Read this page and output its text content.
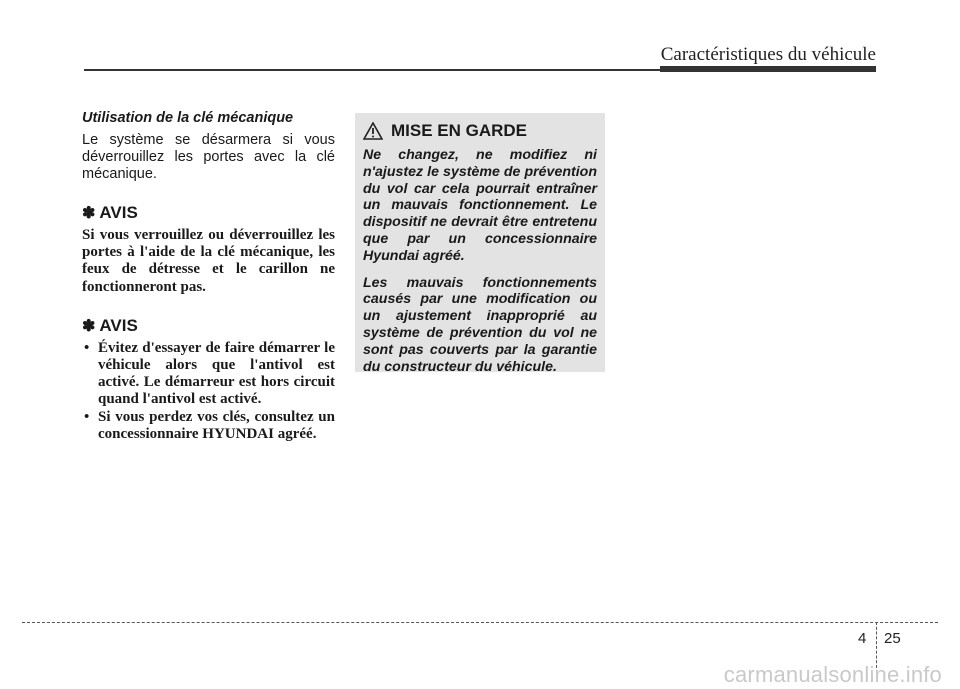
Caractéristiques du véhicule

Utilisation de la clé mécanique

Le système se désarmera si vous déverrouillez les portes avec la clé mécanique.

✽ AVIS

Si vous verrouillez ou déverrouillez les portes à l'aide de la clé mécanique, les feux de détresse et le carillon ne fonctionneront pas.

✽ AVIS
• Évitez d'essayer de faire démarrer le véhicule alors que l'antivol est activé. Le démarreur est hors circuit quand l'antivol est activé.
• Si vous perdez vos clés, consultez un concessionnaire HYUNDAI agréé.
MISE EN GARDE

Ne changez, ne modifiez ni n'ajustez le système de prévention du vol car cela pourrait entraîner un mauvais fonctionnement. Le dispositif ne devrait être entretenu que par un concessionnaire Hyundai agréé.

Les mauvais fonctionnements causés par une modification ou un ajustement inapproprié au système de prévention du vol ne sont pas couverts par la garantie du constructeur du véhicule.

4 25
carmanualsonline.info
